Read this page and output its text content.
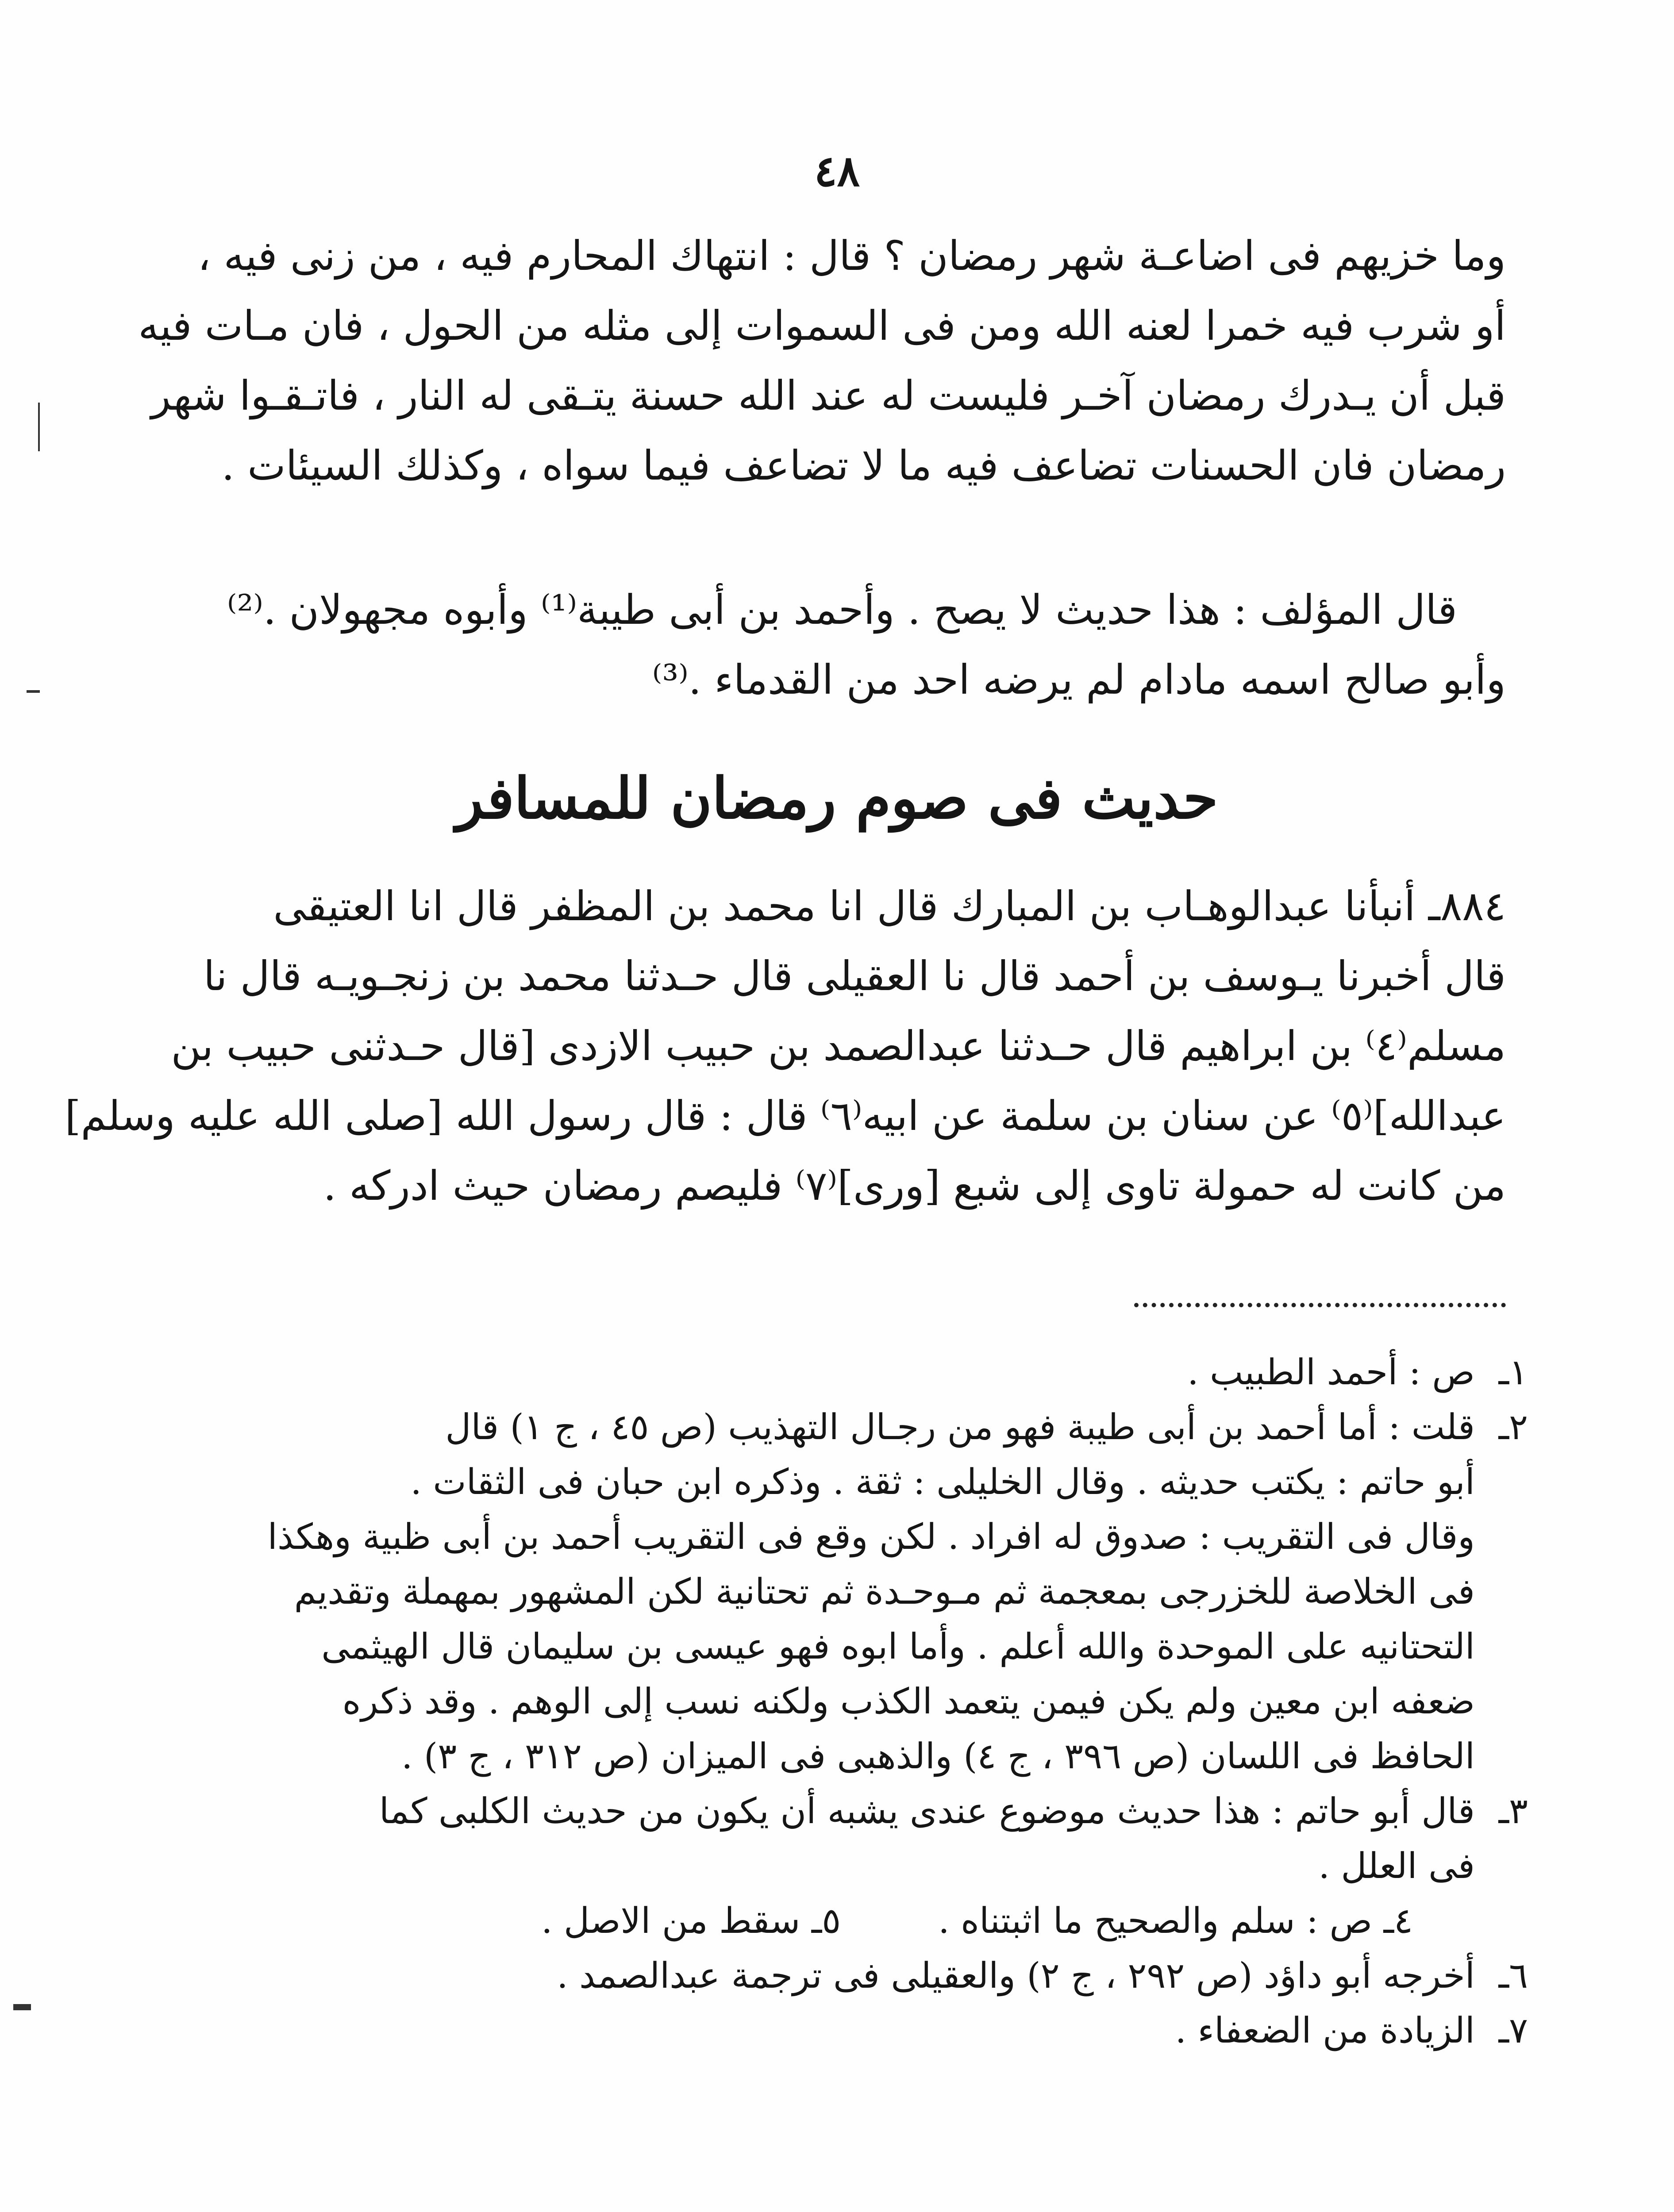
٤٨
وما خزيهم فى اضاعـة شهر رمضان ؟ قال : انتهاك المحارم فيه ، من زنى فيه ،
أو شرب فيه خمرا لعنه الله ومن فى السموات إلى مثله من الحول ، فان مـات فيه
قبل أن يـدرك رمضان آخـر فليست له عند الله حسنة يتـقى له النار ، فاتـقـوا شهر
رمضان فان الحسنات تضاعف فيه ما لا تضاعف فيما سواه ، وكذلك السيئات .
قال المؤلف : هذا حديث لا يصح . وأحمد بن أبى طيبة⁽¹⁾ وأبوه مجهولان .⁽²⁾
وأبو صالح اسمه مادام لم يرضه احد من القدماء .⁽³⁾
حديث فى صوم رمضان للمسافر
٨٨٤ـ أنبأنا عبدالوهـاب بن المبارك قال انا محمد بن المظفر قال انا العتيقى
قال أخبرنا يـوسف بن أحمد قال نا العقيلى قال حـدثنا محمد بن زنجـويـه قال نا
مسلم⁽٤⁾ بن ابراهيم قال حـدثنا عبدالصمد بن حبيب الازدى [قال حـدثنى حبيب بن
عبدالله]⁽٥⁾ عن سنان بن سلمة عن ابيه⁽٦⁾ قال : قال رسول الله [صلى الله عليه وسلم]
من كانت له حمولة تاوى إلى شبع [ورى]⁽٧⁾ فليصم رمضان حيث ادركه .
١ـ
ص : أحمد الطبيب .
٢ـ
قلت : أما أحمد بن أبى طيبة فهو من رجـال التهذيب (ص ٤٥ ، ج ١) قال
أبو حاتم : يكتب حديثه . وقال الخليلى : ثقة . وذكره ابن حبان فى الثقات .
وقال فى التقريب : صدوق له افراد . لكن وقع فى التقريب أحمد بن أبى ظبية وهكذا
فى الخلاصة للخزرجى بمعجمة ثم مـوحـدة ثم تحتانية لكن المشهور بمهملة وتقديم
التحتانيه على الموحدة والله أعلم . وأما ابوه فهو عيسى بن سليمان قال الهيثمى
ضعفه ابن معين ولم يكن فيمن يتعمد الكذب ولكنه نسب إلى الوهم . وقد ذكره
الحافظ فى اللسان (ص ٣٩٦ ، ج ٤) والذهبى فى الميزان (ص ٣١٢ ، ج ٣) .
٣ـ
قال أبو حاتم : هذا حديث موضوع عندى يشبه أن يكون من حديث الكلبى كما
فى العلل .
٤ـ ص : سلم والصحيح ما اثبتناه .٥ـ سقط من الاصل .
٦ـ
أخرجه أبو داؤد (ص ٢٩٢ ، ج ٢) والعقيلى فى ترجمة عبدالصمد .
٧ـ
الزيادة من الضعفاء .
